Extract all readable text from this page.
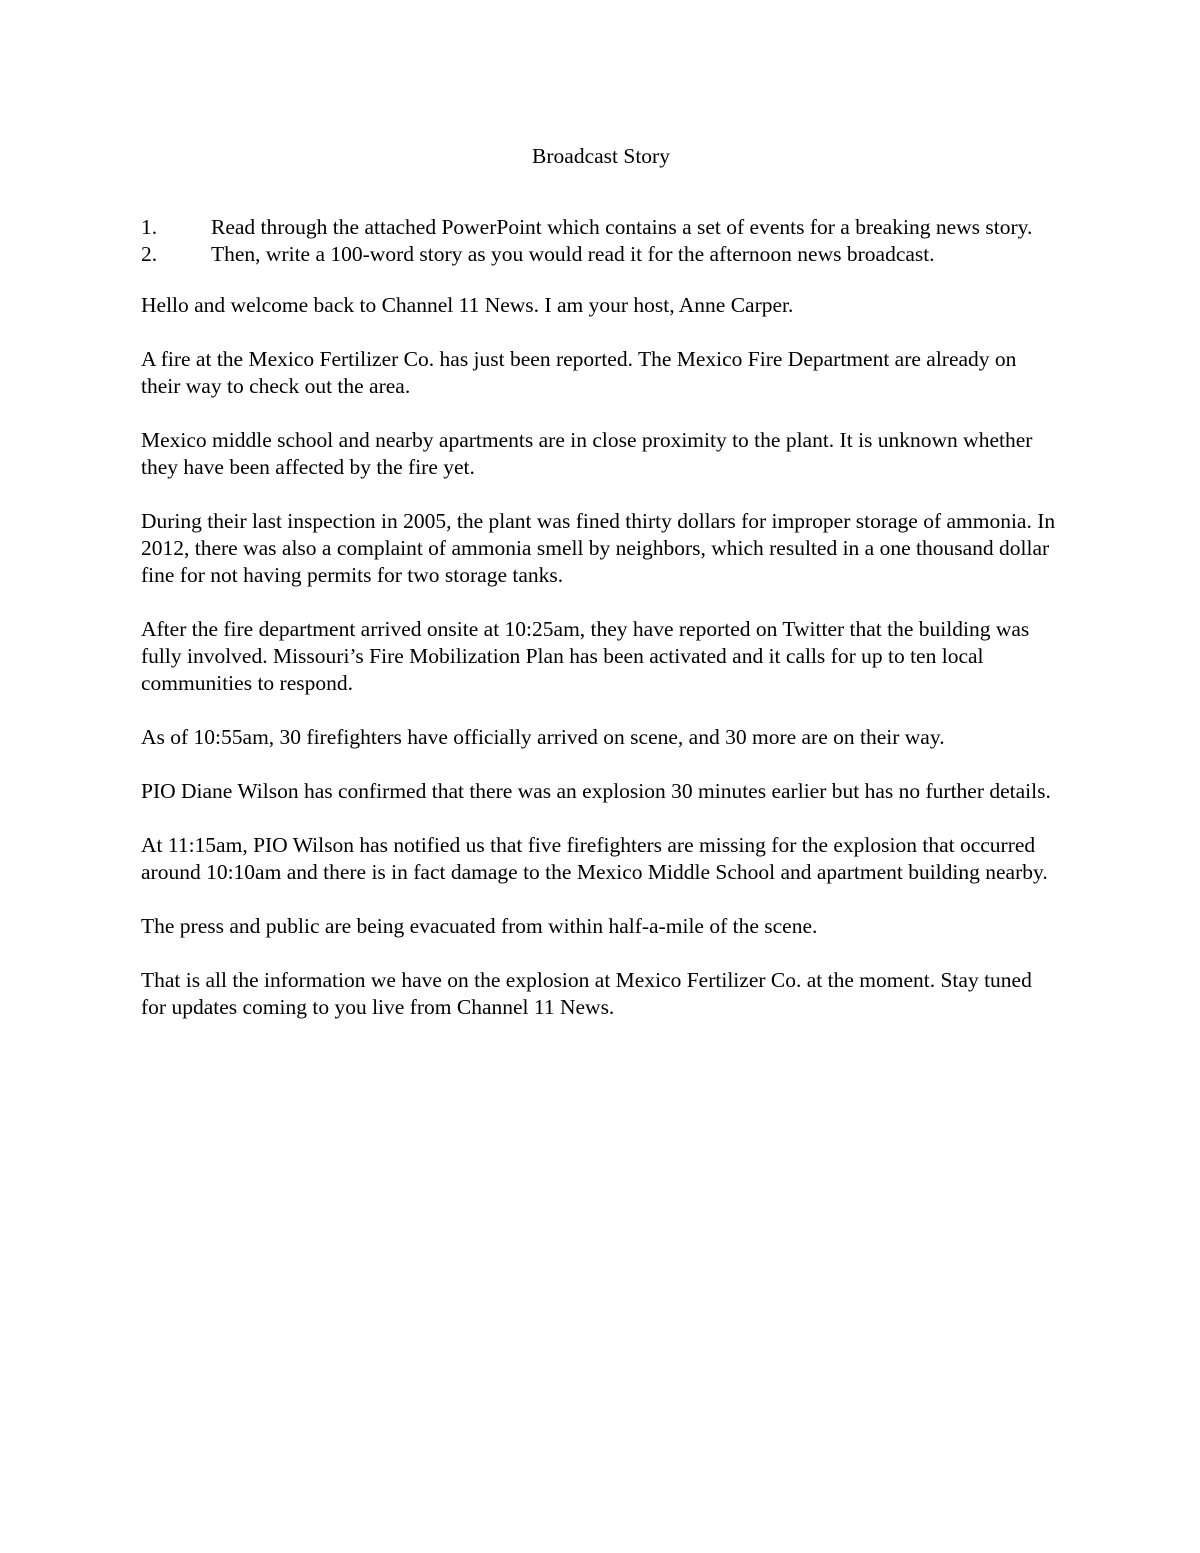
Broadcast Story
1.	Read through the attached PowerPoint which contains a set of events for a breaking news story.
2.	Then, write a 100-word story as you would read it for the afternoon news broadcast.

Hello and welcome back to Channel 11 News. I am your host, Anne Carper.

A fire at the Mexico Fertilizer Co. has just been reported. The Mexico Fire Department are already on their way to check out the area.

Mexico middle school and nearby apartments are in close proximity to the plant. It is unknown whether they have been affected by the fire yet.

During their last inspection in 2005, the plant was fined thirty dollars for improper storage of ammonia. In 2012, there was also a complaint of ammonia smell by neighbors, which resulted in a one thousand dollar fine for not having permits for two storage tanks.

After the fire department arrived onsite at 10:25am, they have reported on Twitter that the building was fully involved. Missouri’s Fire Mobilization Plan has been activated and it calls for up to ten local communities to respond.

As of 10:55am, 30 firefighters have officially arrived on scene, and 30 more are on their way.

PIO Diane Wilson has confirmed that there was an explosion 30 minutes earlier but has no further details.

At 11:15am, PIO Wilson has notified us that five firefighters are missing for the explosion that occurred around 10:10am and there is in fact damage to the Mexico Middle School and apartment building nearby.

The press and public are being evacuated from within half-a-mile of the scene.

That is all the information we have on the explosion at Mexico Fertilizer Co. at the moment. Stay tuned for updates coming to you live from Channel 11 News.
